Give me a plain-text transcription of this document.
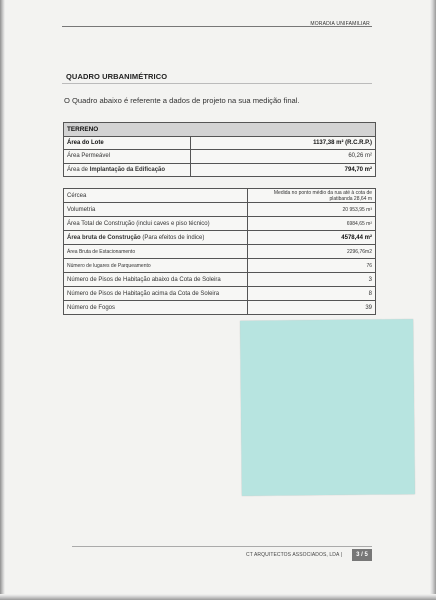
MORADIA UNIFAMILIAR
QUADRO URBANIMÉTRICO
O Quadro abaixo é referente a dados de projeto na sua medição final.
TERRENO	
Área do Lote	1137,38 m² (R.C.R.P.)
Área Permeável	60,26 m²
Área de Implantação da Edificação	794,70 m²
Cércea	Medida no ponto médio da rua até à cota de platibanda 28,64 m
Volumetria	20 953,95 m³
Área Total de Construção (inclui caves e piso técnico)	6984,65 m²
Área bruta de Construção (Para efeitos de índice)	4578,44 m²
Área Bruta de Estacionamento	2296,76m2
Número de lugares de Parqueamento	76
Número de Pisos de Habitação abaixo da Cota de Soleira	3
Número de Pisos de Habitação acima da Cota de Soleira	8
Número de Fogos	39
CT ARQUITECTOS ASSOCIADOS, LDA |	3 / 5
